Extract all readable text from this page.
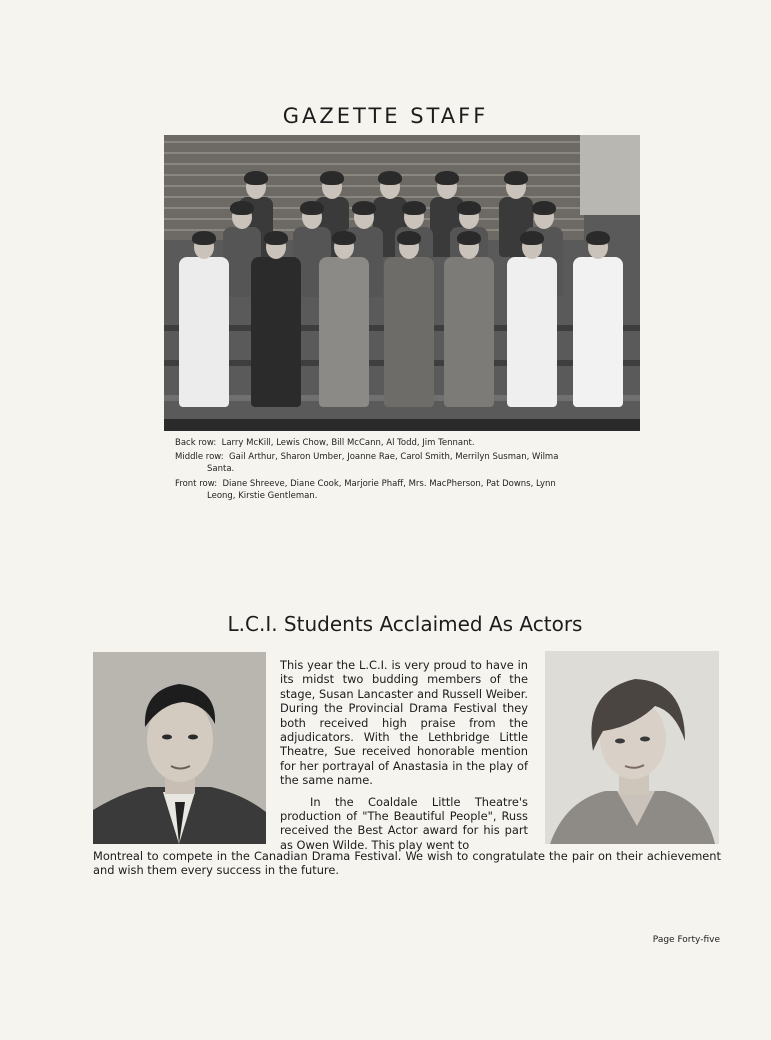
GAZETTE STAFF
Back row: Larry McKill, Lewis Chow, Bill McCann, Al Todd, Jim Tennant.
Middle row: Gail Arthur, Sharon Umber, Joanne Rae, Carol Smith, Merrilyn Susman, Wilma
Santa.
Front row: Diane Shreeve, Diane Cook, Marjorie Phaff, Mrs. MacPherson, Pat Downs, Lynn
Leong, Kirstie Gentleman.
L.C.I. Students Acclaimed As Actors

This year the L.C.I. is very proud to have in its midst two budding members of the stage, Susan Lancaster and Russell Weiber. During the Provincial Drama Festival they both received high praise from the adjudicators. With the Lethbridge Little Theatre, Sue received honorable mention for her portrayal of Anastasia in the play of the same name.

In the Coaldale Little Theatre's production of "The Beautiful People", Russ received the Best Actor award for his part as Owen Wilde. This play went to

Montreal to compete in the Canadian Drama Festival. We wish to congratulate the pair on their achievement and wish them every success in the future.
Page Forty-five
